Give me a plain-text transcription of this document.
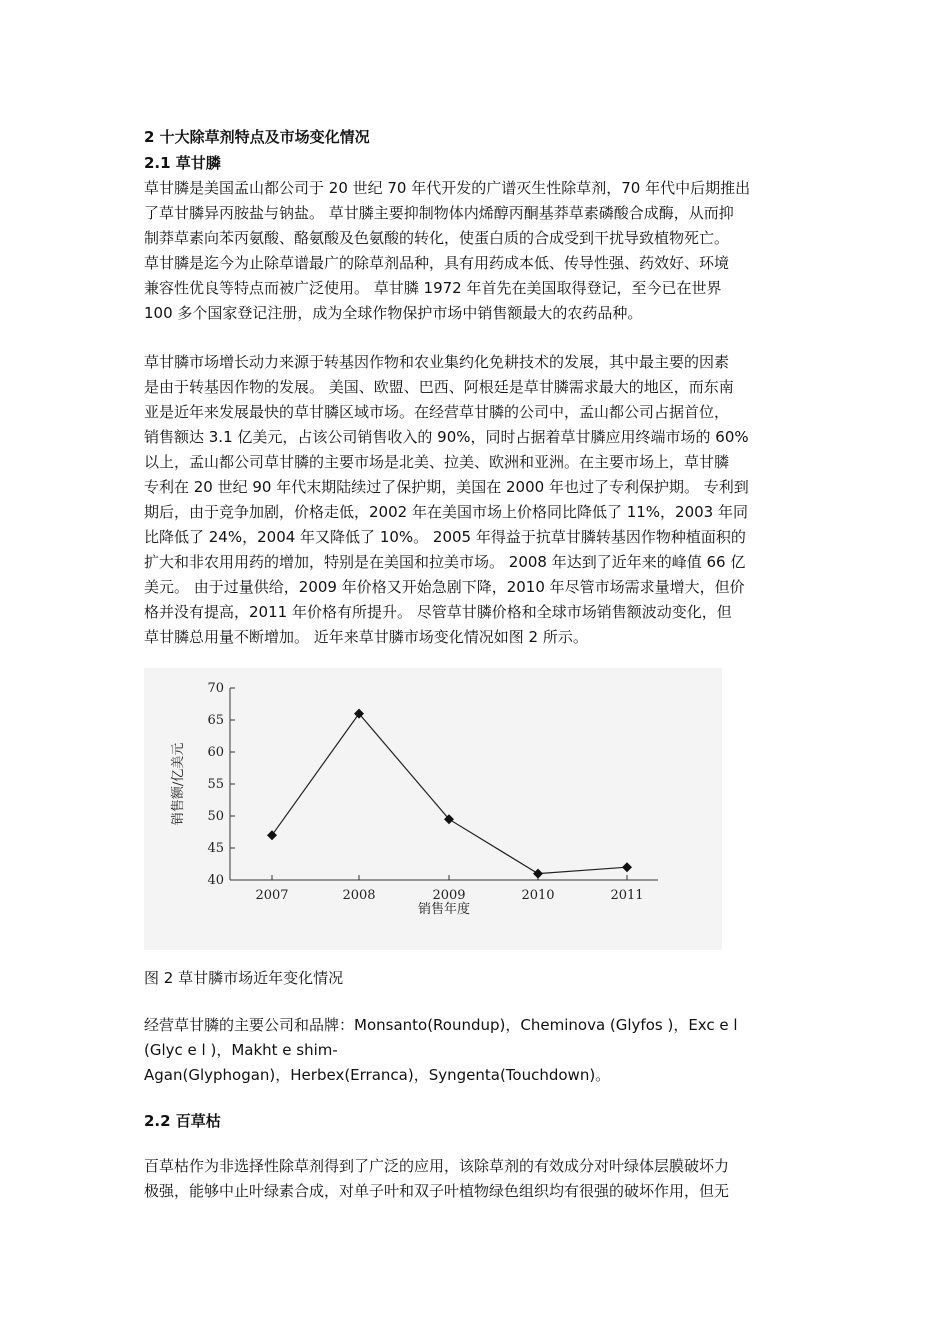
2 十大除草剂特点及市场变化情况

2.1 草甘膦

草甘膦是美国孟山都公司于 20 世纪 70 年代开发的广谱灭生性除草剂，70 年代中后期推出
了草甘膦异丙胺盐与钠盐。 草甘膦主要抑制物体内烯醇丙酮基莽草素磷酸合成酶，从而抑
制莽草素向苯丙氨酸、酪氨酸及色氨酸的转化，使蛋白质的合成受到干扰导致植物死亡。
草甘膦是迄今为止除草谱最广的除草剂品种，具有用药成本低、传导性强、药效好、环境
兼容性优良等特点而被广泛使用。 草甘膦 1972 年首先在美国取得登记，至今已在世界
100 多个国家登记注册，成为全球作物保护市场中销售额最大的农药品种。

草甘膦市场增长动力来源于转基因作物和农业集约化免耕技术的发展，其中最主要的因素
是由于转基因作物的发展。 美国、欧盟、巴西、阿根廷是草甘膦需求最大的地区，而东南
亚是近年来发展最快的草甘膦区域市场。在经营草甘膦的公司中，孟山都公司占据首位，
销售额达 3.1 亿美元，占该公司销售收入的 90%，同时占据着草甘膦应用终端市场的 60%
以上，孟山都公司草甘膦的主要市场是北美、拉美、欧洲和亚洲。在主要市场上，草甘膦
专利在 20 世纪 90 年代末期陆续过了保护期，美国在 2000 年也过了专利保护期。 专利到
期后，由于竞争加剧，价格走低，2002 年在美国市场上价格同比降低了 11%，2003 年同
比降低了 24%，2004 年又降低了 10%。 2005 年得益于抗草甘膦转基因作物种植面积的
扩大和非农用用药的增加，特别是在美国和拉美市场。 2008 年达到了近年来的峰值 66 亿
美元。 由于过量供给，2009 年价格又开始急剧下降，2010 年尽管市场需求量增大，但价
格并没有提高，2011 年价格有所提升。 尽管草甘膦价格和全球市场销售额波动变化，但
草甘膦总用量不断增加。 近年来草甘膦市场变化情况如图 2 所示。

40
45
50
55
60
65
70
2007	2008	2009	2010	2011
销售年度
销售额/亿美元

图 2 草甘膦市场近年变化情况

经营草甘膦的主要公司和品牌：Monsanto(Roundup)，Cheminova (Glyfos )，Exc e l
(Glyc e l )，Makht e shim-
Agan(Glyphogan)，Herbex(Erranca)，Syngenta(Touchdown)。

2.2 百草枯

百草枯作为非选择性除草剂得到了广泛的应用，该除草剂的有效成分对叶绿体层膜破坏力
极强，能够中止叶绿素合成，对单子叶和双子叶植物绿色组织均有很强的破坏作用，但无
